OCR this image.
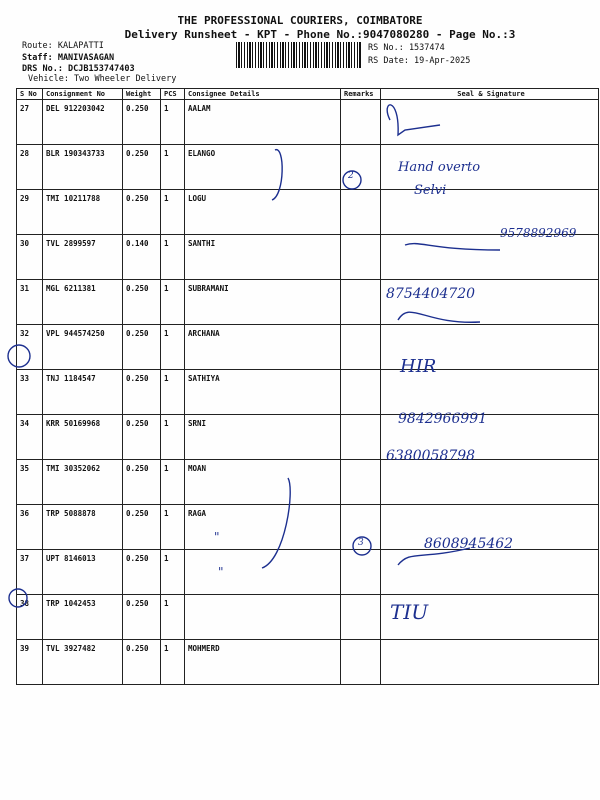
THE PROFESSIONAL COURIERS, COIMBATORE
Delivery Runsheet - KPT - Phone No.:9047080280 - Page No.:3
Route: KALAPATTI
Staff: MANIVASAGAN
DRS No.: DCJB153747403
Vehicle: Two Wheeler Delivery
RS No.: 1537474
RS Date: 19-Apr-2025
S No	Consignment No	Weight	PCS	Consignee Details	Remarks	Seal & Signature
27	DEL 912203042	0.250	1	AALAM		
28	BLR 190343733	0.250	1	ELANGO		
29	TMI 10211788	0.250	1	LOGU		
30	TVL 2899597	0.140	1	SANTHI		
31	MGL 6211381	0.250	1	SUBRAMANI		
32	VPL 944574250	0.250	1	ARCHANA		
33	TNJ 1184547	0.250	1	SATHIYA		
34	KRR 50169968	0.250	1	SRNI		
35	TMI 30352062	0.250	1	MOAN		
36	TRP 5088878	0.250	1	RAGA		
37	UPT 8146013	0.250	1			
38	TRP 1042453	0.250	1			
39	TVL 3927482	0.250	1	MOHMERD		
Hand overto
Selvi
9578892969
8754404720
HIR
9842966991
6380058798
8608945462
TIU
2
3
"
"
